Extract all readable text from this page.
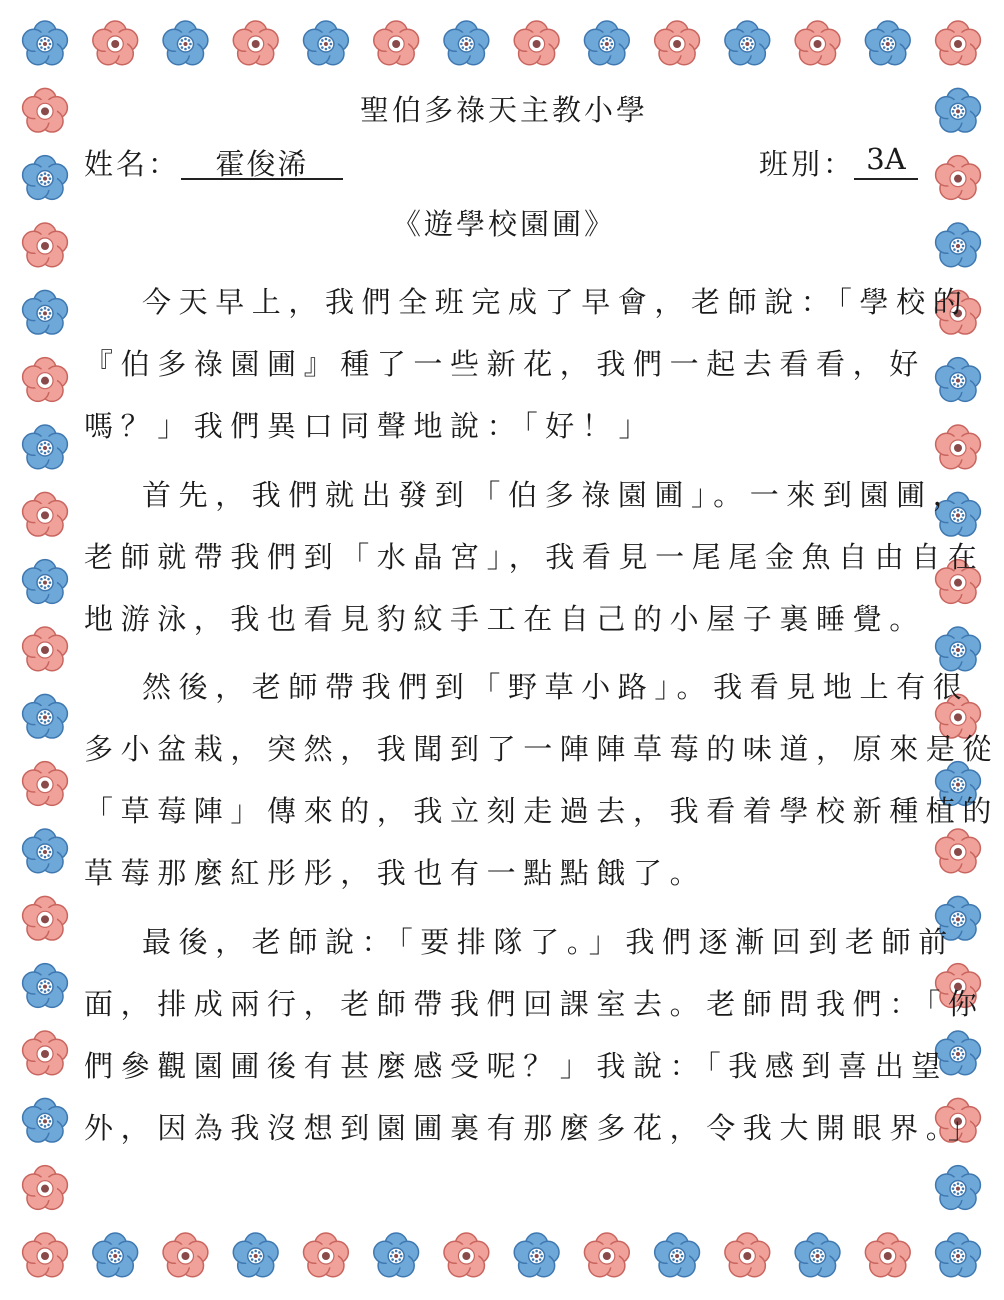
聖伯多祿天主教小學
姓名：	霍俊浠	班別： 3A
《遊學校園圃》
今天早上，我們全班完成了早會，老師說：「學校的
『伯多祿園圃』種了一些新花，我們一起去看看，好
嗎？」我們異口同聲地說：「好！」
首先，我們就出發到「伯多祿園圃」。一來到園圃，
老師就帶我們到「水晶宮」，我看見一尾尾金魚自由自在
地游泳，我也看見豹紋手工在自己的小屋子裏睡覺。
然後，老師帶我們到「野草小路」。我看見地上有很
多小盆栽，突然，我聞到了一陣陣草莓的味道，原來是從
「草莓陣」傳來的，我立刻走過去，我看着學校新種植的
草莓那麼紅彤彤，我也有一點點餓了。
最後，老師說：「要排隊了。」我們逐漸回到老師前
面，排成兩行，老師帶我們回課室去。老師問我們：「你
們參觀園圃後有甚麼感受呢？」我說：「我感到喜出望
外，因為我沒想到園圃裏有那麼多花，令我大開眼界。」
